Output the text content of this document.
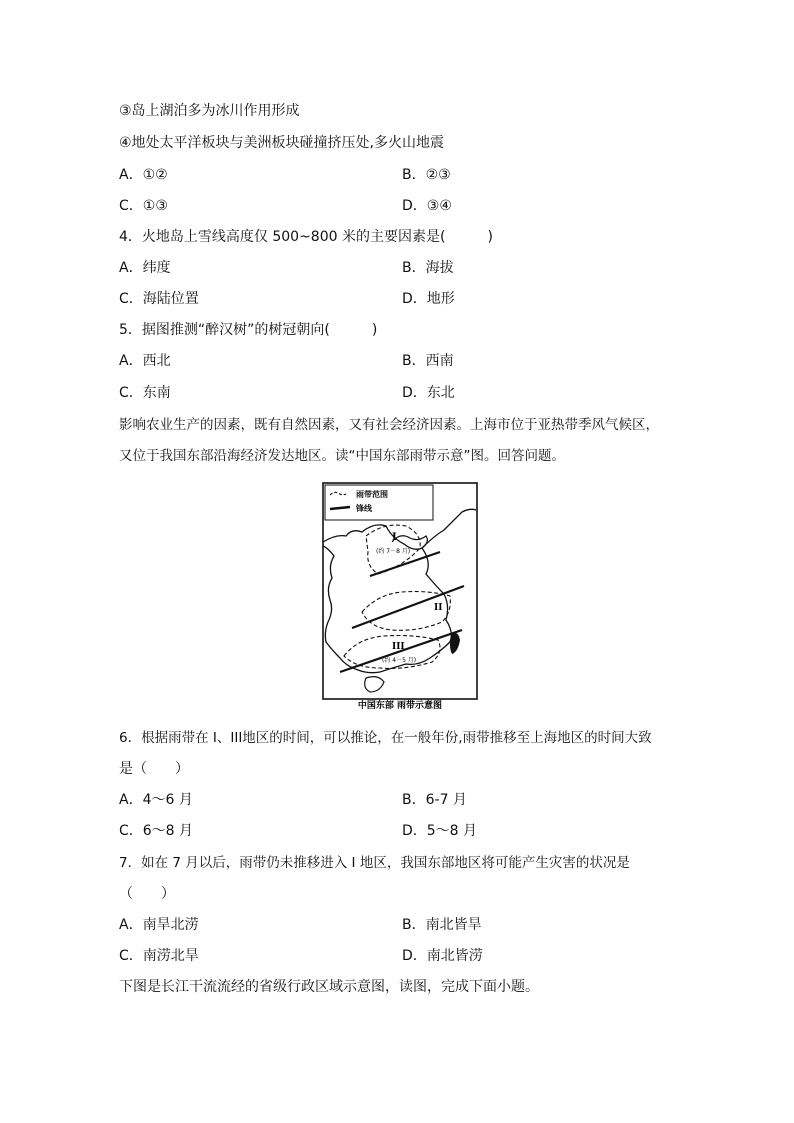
③岛上湖泊多为冰川作用形成
④地处太平洋板块与美洲板块碰撞挤压处,多火山地震
A．①②	B．②③
C．①③	D．③④
4．火地岛上雪线高度仅 500~800 米的主要因素是(　　　)
A．纬度	B．海拔
C．海陆位置	D．地形
5．据图推测“醉汉树”的树冠朝向(　　　)
A．西北	B．西南
C．东南	D．东北
影响农业生产的因素，既有自然因素，又有社会经济因素。上海市位于亚热带季风气候区，
又位于我国东部沿海经济发达地区。读“中国东部雨带示意”图。回答问题。
雨带范围
锋线
I
(约 7－8 月)
II
III
(约 4－5 月)
中国东部 雨带示意图
6．根据雨带在 I、III地区的时间，可以推论，在一般年份,雨带推移至上海地区的时间大致
是（　　）
A．4～6 月	B．6-7 月
C．6～8 月	D．5～8 月
7．如在 7 月以后，雨带仍未推移进入 I 地区，我国东部地区将可能产生灾害的状况是
（　　）
A．南旱北涝	B．南北皆旱
C．南涝北旱	D．南北皆涝
下图是长江干流流经的省级行政区域示意图，读图，完成下面小题。
